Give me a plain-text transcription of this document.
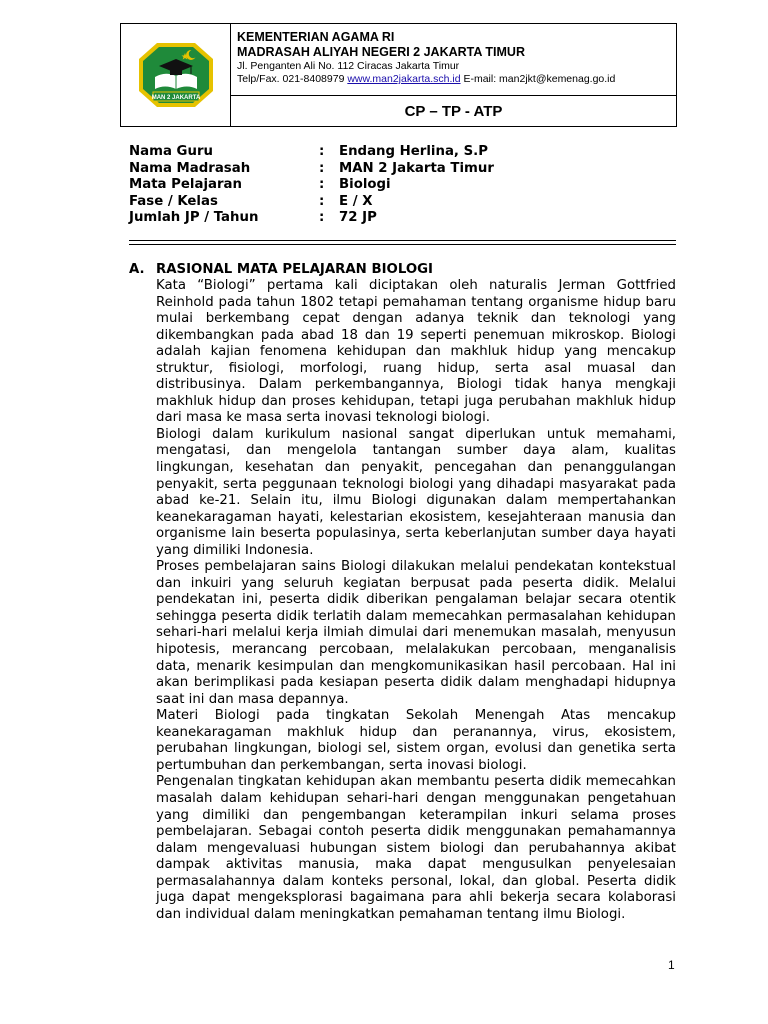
MAN 2 JAKARTA
KEMENTERIAN AGAMA RI
MADRASAH ALIYAH NEGERI 2 JAKARTA TIMUR
Jl. Penganten Ali No. 112 Ciracas Jakarta Timur
Telp/Fax. 021-8408979 www.man2jakarta.sch.id E-mail: man2jkt@kemenag.go.id
CP – TP - ATP
Nama Guru	: Endang Herlina, S.P
Nama Madrasah	: MAN 2 Jakarta Timur
Mata Pelajaran	: Biologi
Fase / Kelas	: E / X
Jumlah JP / Tahun	: 72 JP
A. RASIONAL MATA PELAJARAN BIOLOGI

Kata “Biologi” pertama kali diciptakan oleh naturalis Jerman Gottfried Reinhold pada tahun 1802 tetapi pemahaman tentang organisme hidup baru mulai berkembang cepat dengan adanya teknik dan teknologi yang dikembangkan pada abad 18 dan 19 seperti penemuan mikroskop. Biologi adalah kajian fenomena kehidupan dan makhluk hidup yang mencakup struktur, fisiologi, morfologi, ruang hidup, serta asal muasal dan distribusinya. Dalam perkembangannya, Biologi tidak hanya mengkaji makhluk hidup dan proses kehidupan, tetapi juga perubahan makhluk hidup dari masa ke masa serta inovasi teknologi biologi.

Biologi dalam kurikulum nasional sangat diperlukan untuk memahami, mengatasi, dan mengelola tantangan sumber daya alam, kualitas lingkungan, kesehatan dan penyakit, pencegahan dan penanggulangan penyakit, serta peggunaan teknologi biologi yang dihadapi masyarakat pada abad ke-21. Selain itu, ilmu Biologi digunakan dalam mempertahankan keanekaragaman hayati, kelestarian ekosistem, kesejahteraan manusia dan organisme lain beserta populasinya, serta keberlanjutan sumber daya hayati yang dimiliki Indonesia.

Proses pembelajaran sains Biologi dilakukan melalui pendekatan kontekstual dan inkuiri yang seluruh kegiatan berpusat pada peserta didik. Melalui pendekatan ini, peserta didik diberikan pengalaman belajar secara otentik sehingga peserta didik terlatih dalam memecahkan permasalahan kehidupan sehari-hari melalui kerja ilmiah dimulai dari menemukan masalah, menyusun hipotesis, merancang percobaan, melalakukan percobaan, menganalisis data, menarik kesimpulan dan mengkomunikasikan hasil percobaan. Hal ini akan berimplikasi pada kesiapan peserta didik dalam menghadapi hidupnya saat ini dan masa depannya.

Materi Biologi pada tingkatan Sekolah Menengah Atas mencakup keanekaragaman makhluk hidup dan peranannya, virus, ekosistem, perubahan lingkungan, biologi sel, sistem organ, evolusi dan genetika serta pertumbuhan dan perkembangan, serta inovasi biologi.

Pengenalan tingkatan kehidupan akan membantu peserta didik memecahkan masalah dalam kehidupan sehari-hari dengan menggunakan pengetahuan yang dimiliki dan pengembangan keterampilan inkuri selama proses pembelajaran. Sebagai contoh peserta didik menggunakan pemahamannya dalam mengevaluasi hubungan sistem biologi dan perubahannya akibat dampak aktivitas manusia, maka dapat mengusulkan penyelesaian permasalahannya dalam konteks personal, lokal, dan global. Peserta didik juga dapat mengeksplorasi bagaimana para ahli bekerja secara kolaborasi dan individual dalam meningkatkan pemahaman tentang ilmu Biologi.

1
